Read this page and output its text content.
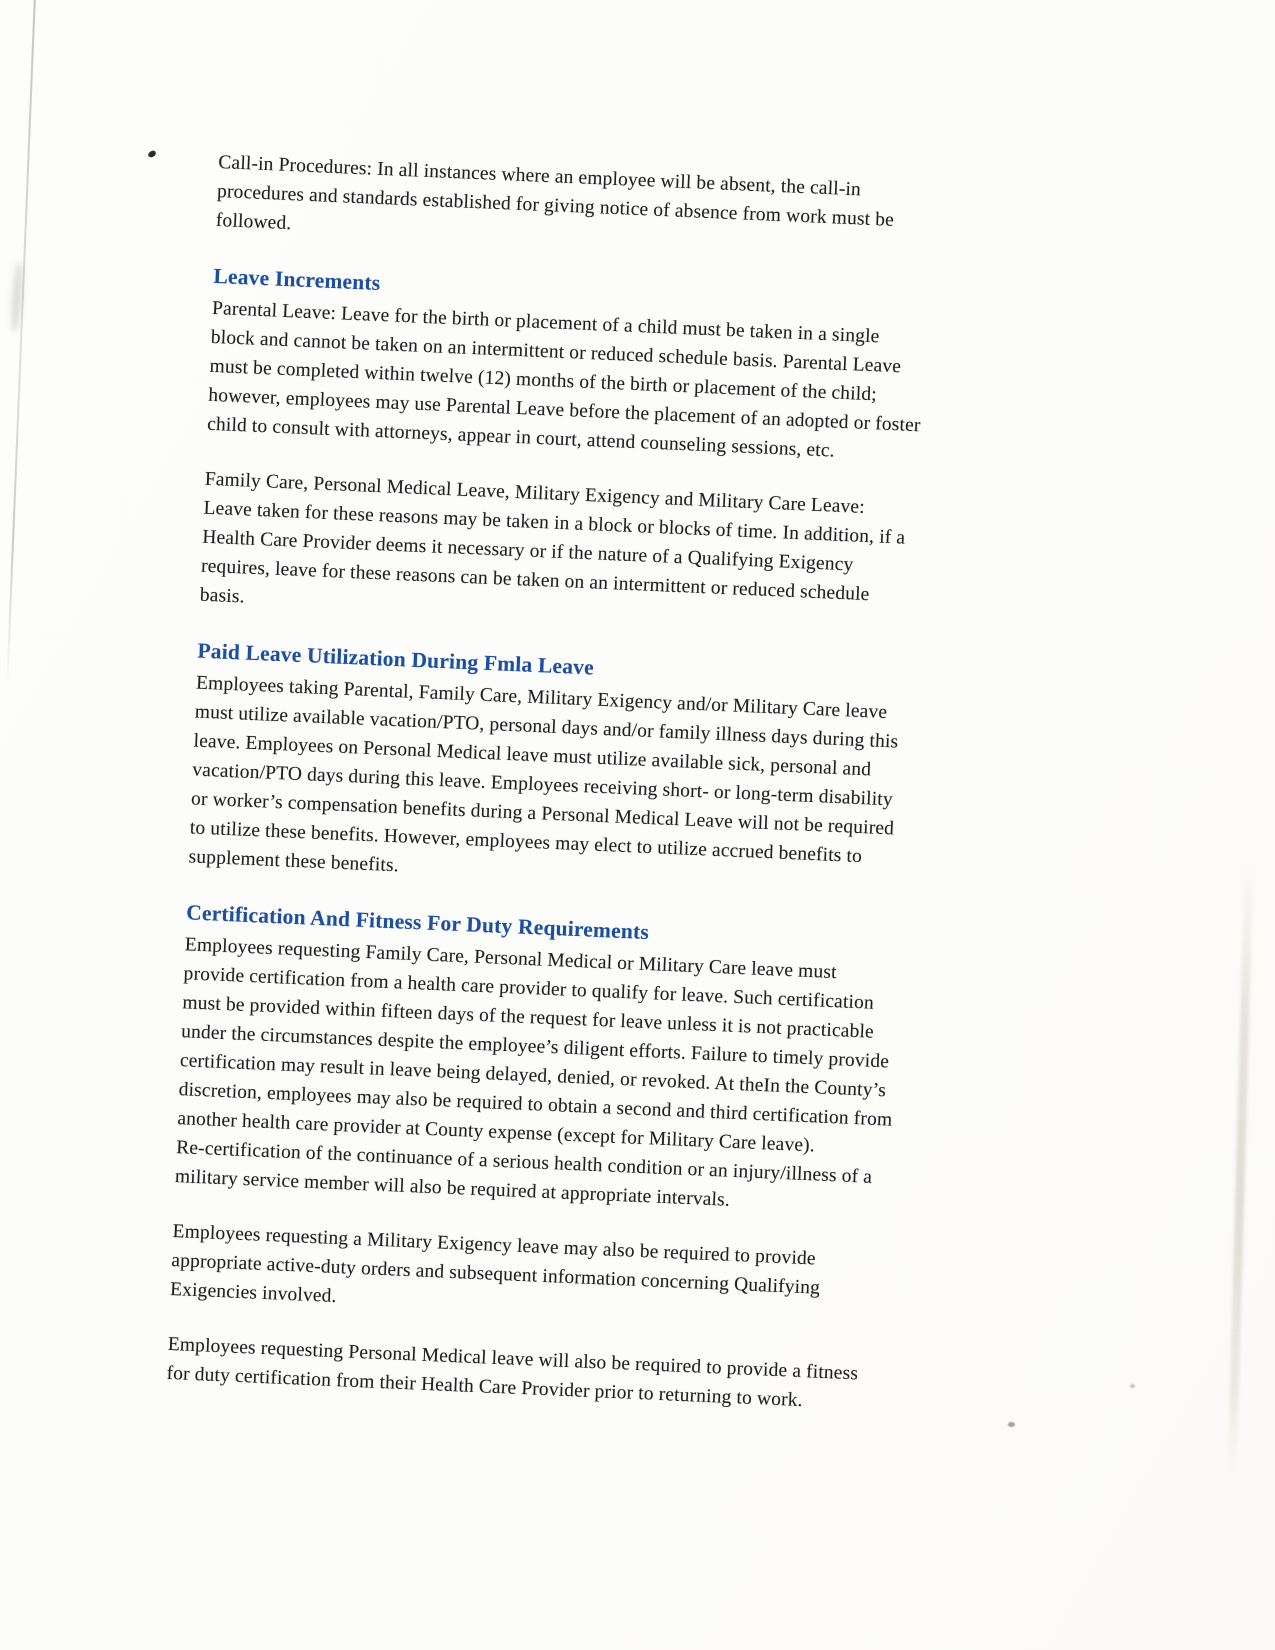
Call-in Procedures: In all instances where an employee will be absent, the call-in
procedures and standards established for giving notice of absence from work must be
followed.

Leave Increments

Parental Leave: Leave for the birth or placement of a child must be taken in a single
block and cannot be taken on an intermittent or reduced schedule basis. Parental Leave
must be completed within twelve (12) months of the birth or placement of the child;
however, employees may use Parental Leave before the placement of an adopted or foster
child to consult with attorneys, appear in court, attend counseling sessions, etc.

Family Care, Personal Medical Leave, Military Exigency and Military Care Leave:
Leave taken for these reasons may be taken in a block or blocks of time. In addition, if a
Health Care Provider deems it necessary or if the nature of a Qualifying Exigency
requires, leave for these reasons can be taken on an intermittent or reduced schedule
basis.

Paid Leave Utilization During Fmla Leave

Employees taking Parental, Family Care, Military Exigency and/or Military Care leave
must utilize available vacation/PTO, personal days and/or family illness days during this
leave. Employees on Personal Medical leave must utilize available sick, personal and
vacation/PTO days during this leave. Employees receiving short- or long-term disability
or worker’s compensation benefits during a Personal Medical Leave will not be required
to utilize these benefits. However, employees may elect to utilize accrued benefits to
supplement these benefits.

Certification And Fitness For Duty Requirements

Employees requesting Family Care, Personal Medical or Military Care leave must
provide certification from a health care provider to qualify for leave. Such certification
must be provided within fifteen days of the request for leave unless it is not practicable
under the circumstances despite the employee’s diligent efforts. Failure to timely provide
certification may result in leave being delayed, denied, or revoked. At theIn the County’s
discretion, employees may also be required to obtain a second and third certification from
another health care provider at County expense (except for Military Care leave).
Re-certification of the continuance of a serious health condition or an injury/illness of a
military service member will also be required at appropriate intervals.

Employees requesting a Military Exigency leave may also be required to provide
appropriate active-duty orders and subsequent information concerning Qualifying
Exigencies involved.

Employees requesting Personal Medical leave will also be required to provide a fitness
for duty certification from their Health Care Provider prior to returning to work.
